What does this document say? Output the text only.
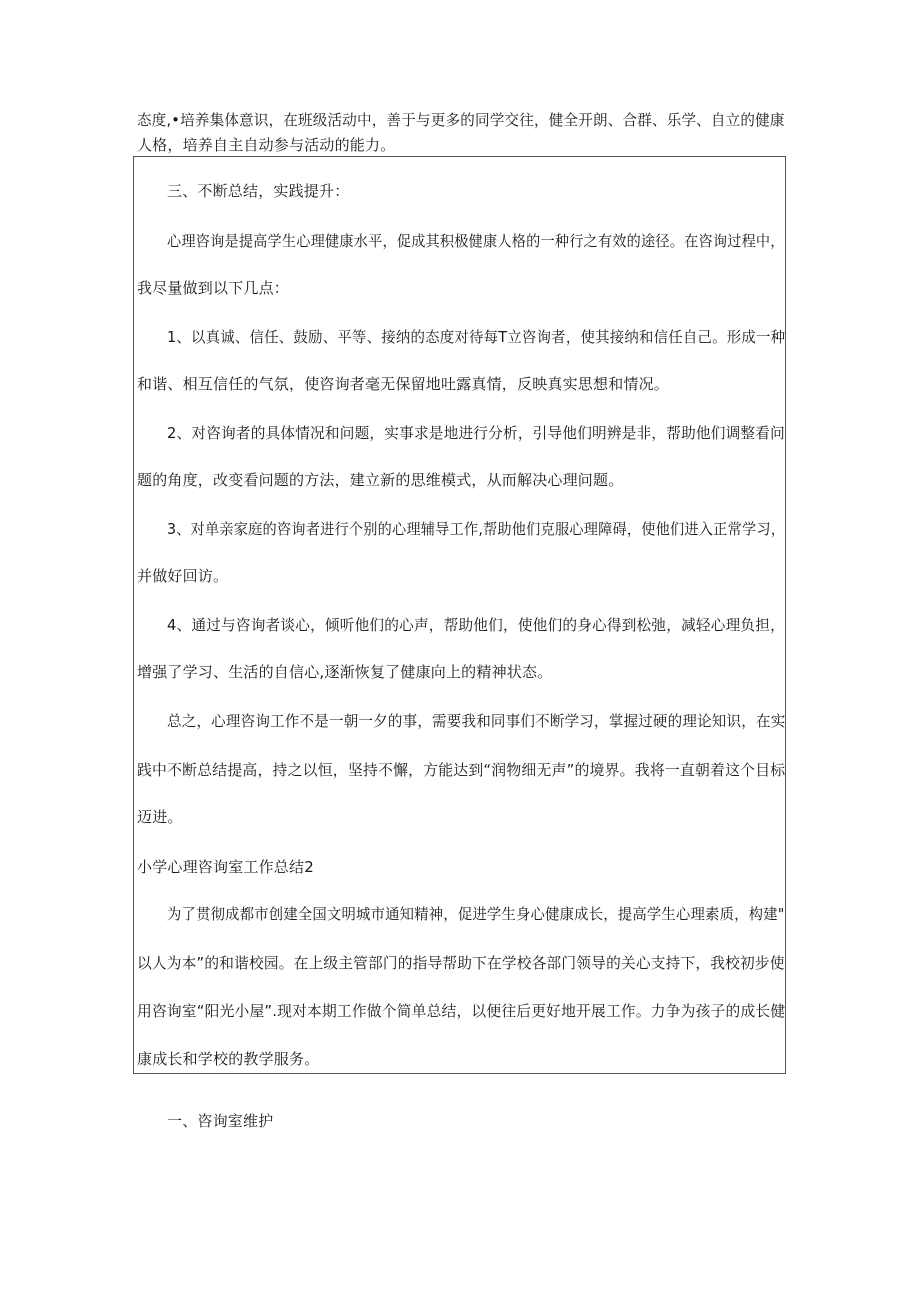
态度,•培养集体意识，在班级活动中，善于与更多的同学交往，健全开朗、合群、乐学、自立的健康
人格，培养自主自动参与活动的能力。
三、不断总结，实践提升：
心理咨询是提高学生心理健康水平，促成其积极健康人格的一种行之有效的途径。在咨询过程中，
我尽量做到以下几点：
1、以真诚、信任、鼓励、平等、接纳的态度对待每T立咨询者，使其接纳和信任自己。形成一种
和谐、相互信任的气氛，使咨询者毫无保留地吐露真情，反映真实思想和情况。
2、对咨询者的具体情况和问题，实事求是地进行分析，引导他们明辨是非，帮助他们调整看问
题的角度，改变看问题的方法，建立新的思维模式，从而解决心理问题。
3、对单亲家庭的咨询者进行个别的心理辅导工作,帮助他们克服心理障碍，使他们进入正常学习，
并做好回访。
4、通过与咨询者谈心，倾听他们的心声，帮助他们，使他们的身心得到松弛，减轻心理负担，
增强了学习、生活的自信心,逐渐恢复了健康向上的精神状态。
总之，心理咨询工作不是一朝一夕的事，需要我和同事们不断学习，掌握过硬的理论知识，在实
践中不断总结提高，持之以恒，坚持不懈，方能达到“润物细无声”的境界。我将一直朝着这个目标
迈进。
小学心理咨询室工作总结2
为了贯彻成都市创建全国文明城市通知精神，促进学生身心健康成长，提高学生心理素质，构建"
以人为本”的和谐校园。在上级主管部门的指导帮助下在学校各部门领导的关心支持下，我校初步使
用咨询室“阳光小屋”.现对本期工作做个简单总结，以便往后更好地开展工作。力争为孩子的成长健
康成长和学校的教学服务。
一、咨询室维护
